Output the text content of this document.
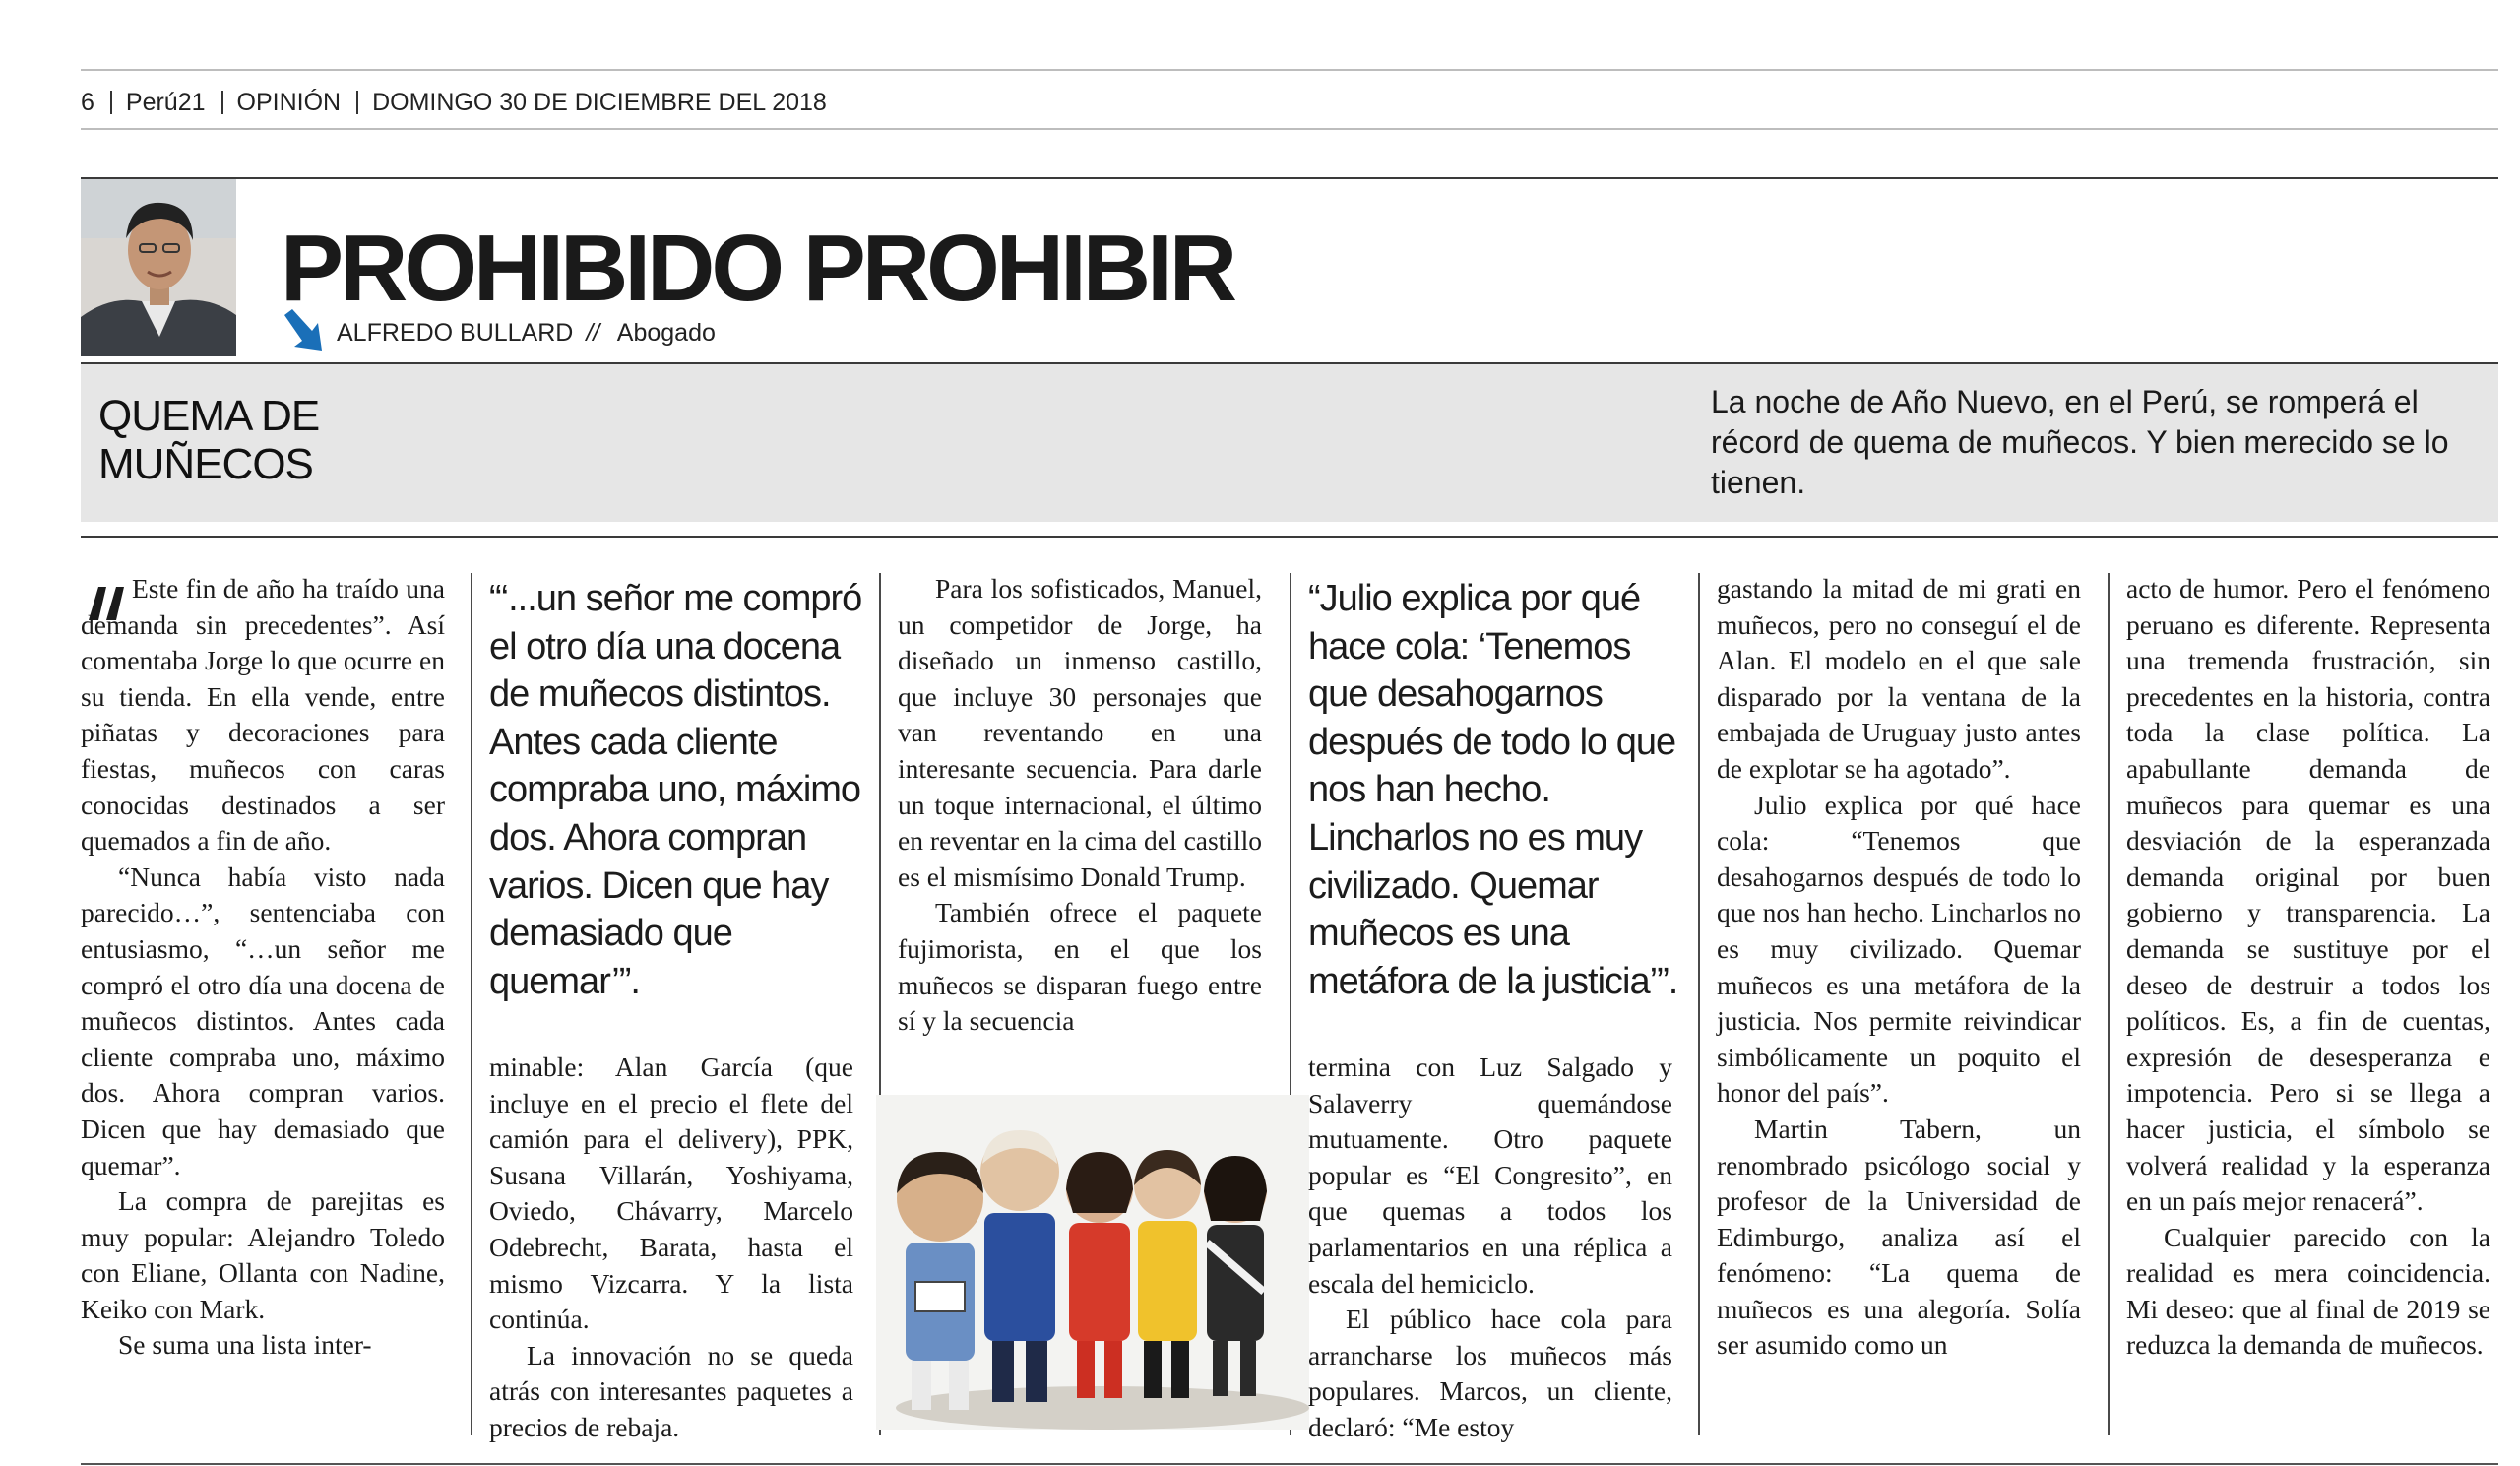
6 Perú21 OPINIÓN DOMINGO 30 DE DICIEMBRE DEL 2018
PROHIBIDO PROHIBIR
ALFREDO BULLARD // Abogado
QUEMA DE
MUÑECOS
La noche de Año Nuevo, en el Perú, se romperá el récord de quema de muñecos. Y bien merecido se lo tienen.

Este fin de año ha traído una demanda sin precedentes”. Así comentaba Jorge lo que ocurre en su tienda. En ella vende, entre piñatas y decoraciones para fiestas, muñecos con caras conocidas destinados a ser quemados a fin de año.

“Nunca había visto nada parecido…”, sentenciaba con entusiasmo, “…un señor me compró el otro día una docena de muñecos distintos. Antes cada cliente compraba uno, máximo dos. Ahora compran varios. Dicen que hay demasiado que quemar”.

La compra de parejitas es muy popular: Alejandro Toledo con Eliane, Ollanta con Nadine, Keiko con Mark.

Se suma una lista inter-

“‘...un señor me compró el otro día una docena de muñecos distintos. Antes cada cliente compraba uno, máximo dos. Ahora compran varios. Dicen que hay demasiado que quemar’”.

minable: Alan García (que incluye en el precio el flete del camión para el delivery), PPK, Susana Villarán, Yoshiyama, Oviedo, Chávarry, Marcelo Odebrecht, Barata, hasta el mismo Vizcarra. Y la lista continúa.

La innovación no se queda atrás con interesantes paquetes a precios de rebaja.

Para los sofisticados, Manuel, un competidor de Jorge, ha diseñado un inmenso castillo, que incluye 30 personajes que van reventando en una interesante secuencia. Para darle un toque internacional, el último en reventar en la cima del castillo es el mismísimo Donald Trump.

También ofrece el paquete fujimorista, en el que los muñecos se disparan fuego entre sí y la secuencia

“Julio explica por qué hace cola: ‘Tenemos que desahogarnos después de todo lo que nos han hecho. Lincharlos no es muy civilizado. Quemar muñecos es una metáfora de la justicia’”.

termina con Luz Salgado y Salaverry quemándose mutuamente. Otro paquete popular es “El Congresito”, en que quemas a todos los parlamentarios en una réplica a escala del hemiciclo.

El público hace cola para arrancharse los muñecos más populares. Marcos, un cliente, declaró: “Me estoy

gastando la mitad de mi grati en muñecos, pero no conseguí el de Alan. El modelo en el que sale disparado por la ventana de la embajada de Uruguay justo antes de explotar se ha agotado”.

Julio explica por qué hace cola: “Tenemos que desahogarnos después de todo lo que nos han hecho. Lincharlos no es muy civilizado. Quemar muñecos es una metáfora de la justicia. Nos permite reivindicar simbólicamente un poquito el honor del país”.

Martin Tabern, un renombrado psicólogo social y profesor de la Universidad de Edimburgo, analiza así el fenómeno: “La quema de muñecos es una alegoría. Solía ser asumido como un

acto de humor. Pero el fenómeno peruano es diferente. Representa una tremenda frustración, sin precedentes en la historia, contra toda la clase política. La apabullante demanda de muñecos para quemar es una desviación de la esperanzada demanda original por buen gobierno y transparencia. La demanda se sustituye por el deseo de destruir a todos los políticos. Es, a fin de cuentas, expresión de desesperanza e impotencia. Pero si se llega a hacer justicia, el símbolo se volverá realidad y la esperanza en un país mejor renacerá”.

Cualquier parecido con la realidad es mera coincidencia. Mi deseo: que al final de 2019 se reduzca la demanda de muñecos.
